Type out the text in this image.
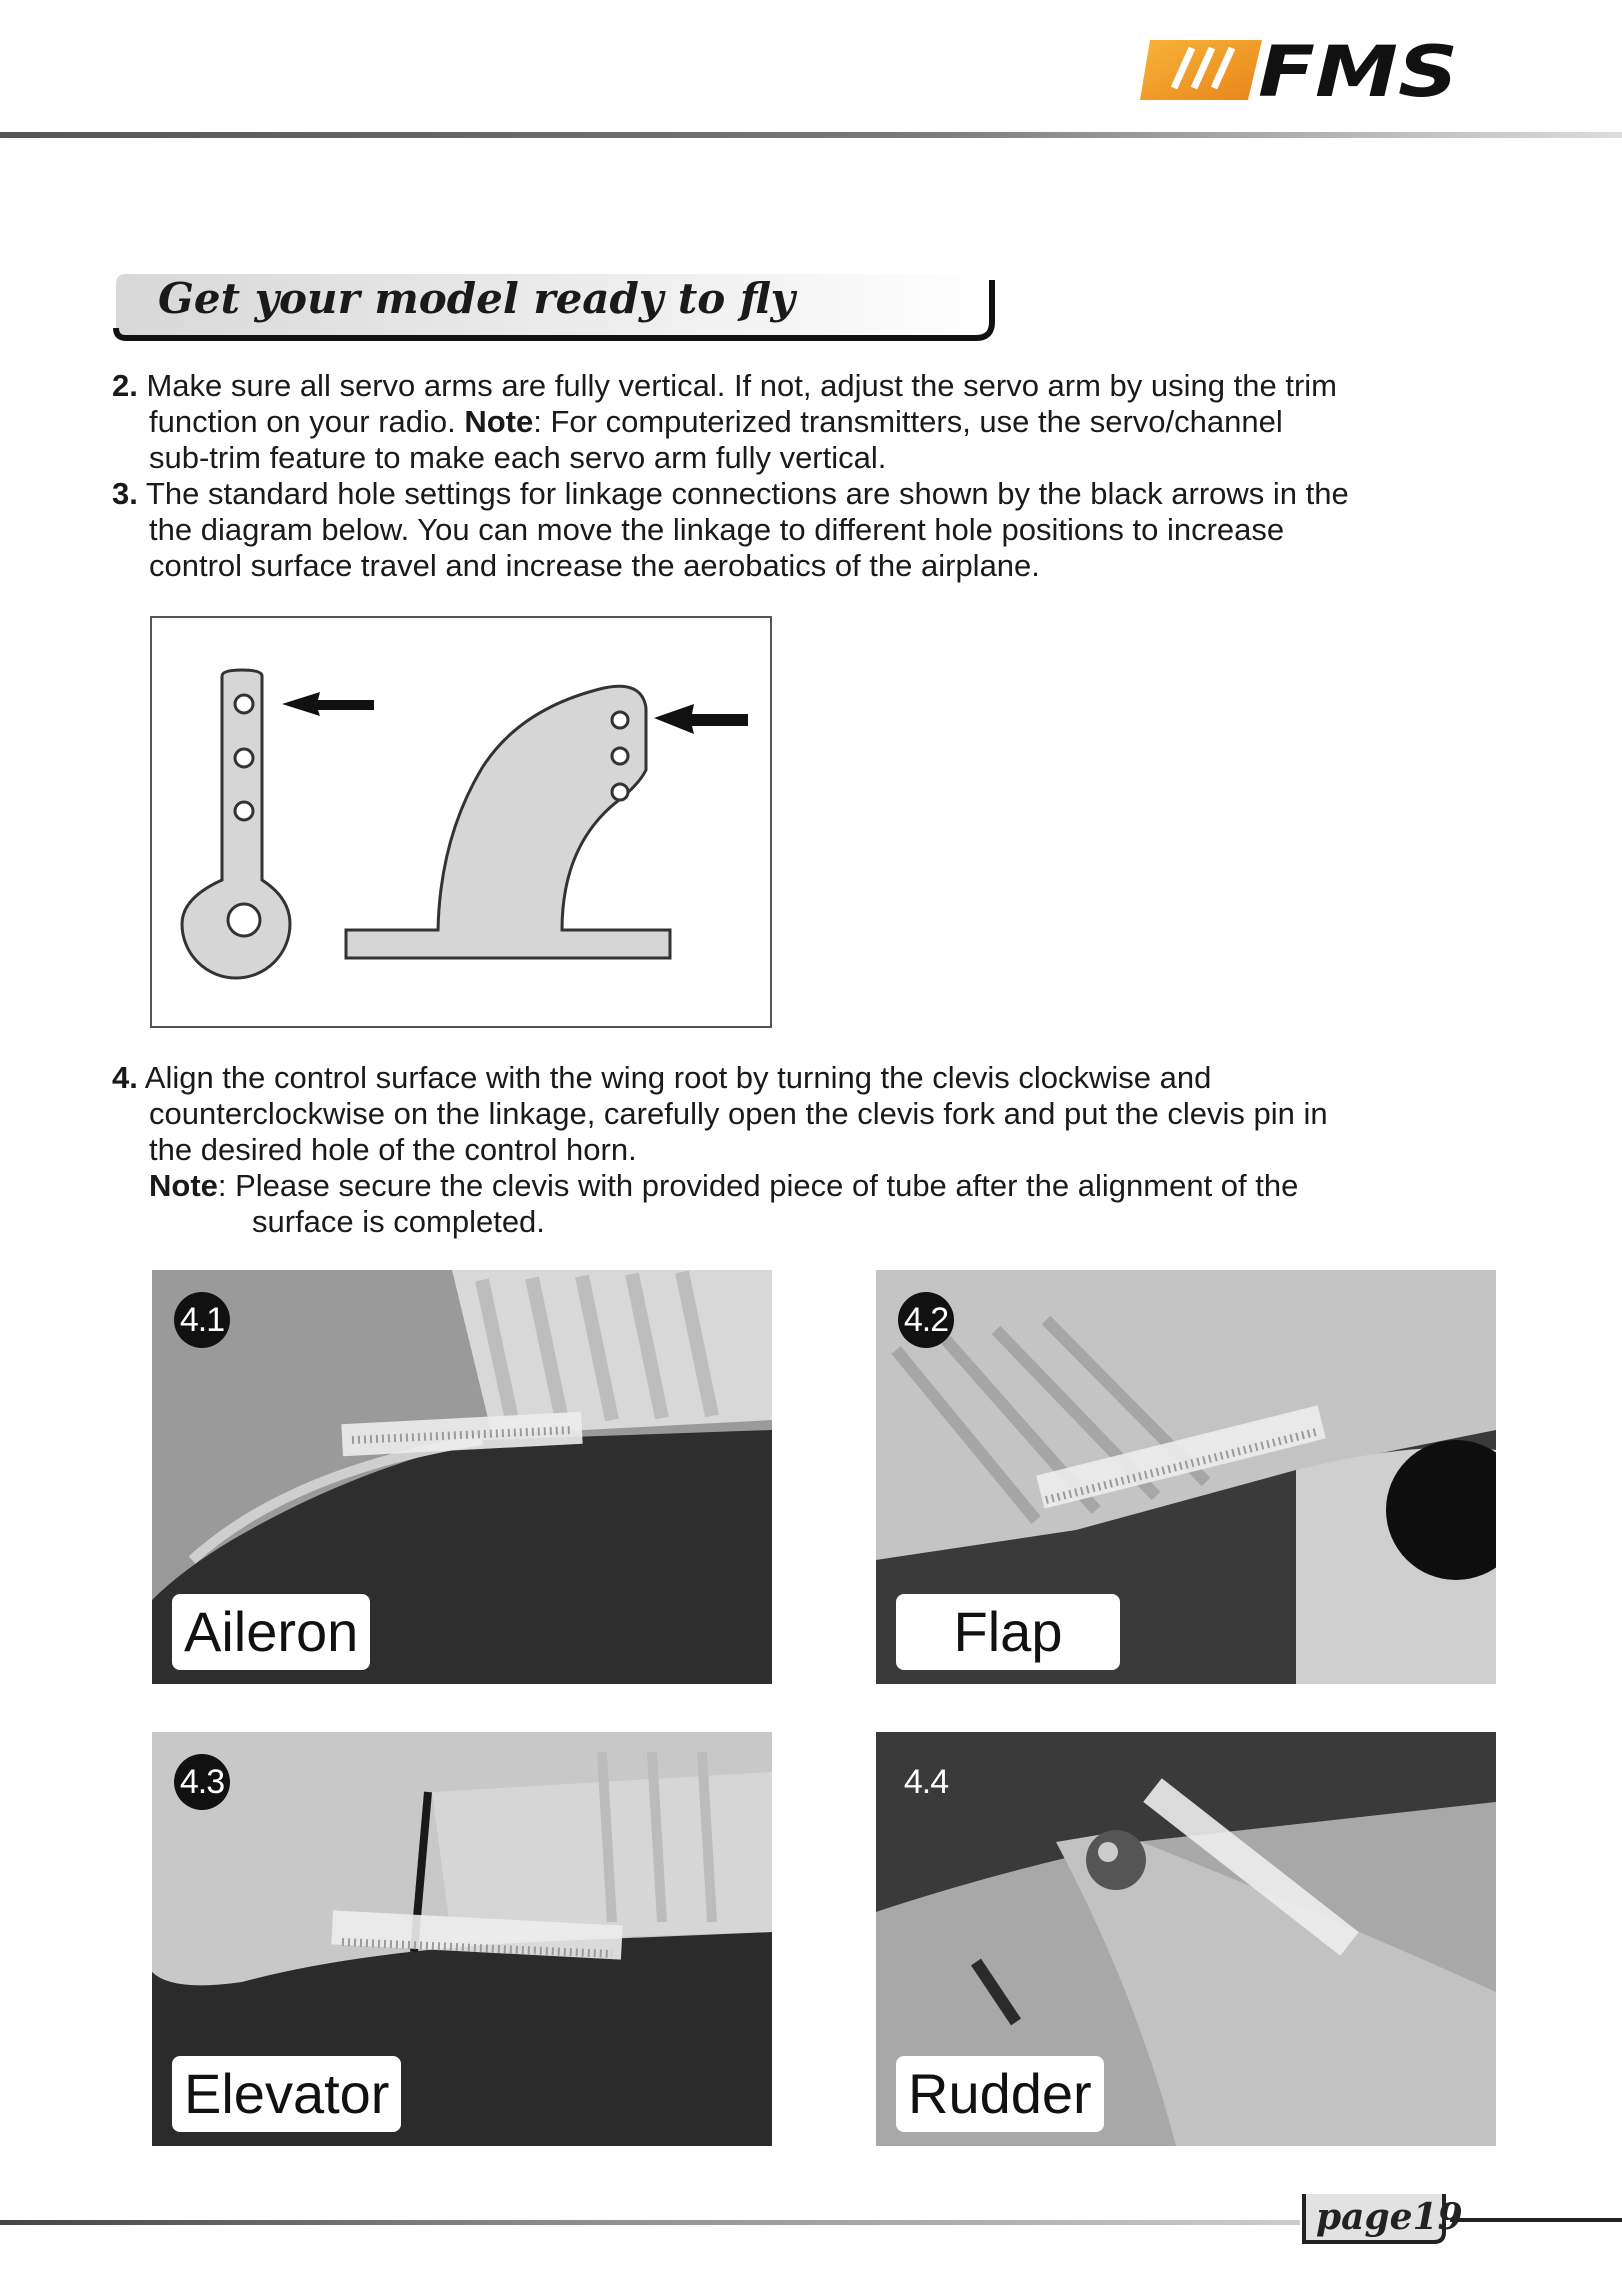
FMS
Get your model ready to fly
2. Make sure all servo arms are fully vertical. If not, adjust the servo arm by using the trim
function on your radio. Note: For computerized transmitters, use the servo/channel
sub-trim feature to make each servo arm fully vertical.
3. The standard hole settings for linkage connections are shown by the black arrows in the
the diagram below. You can move the linkage to different hole positions to increase
control surface travel and increase the aerobatics of the airplane.
4. Align the control surface with the wing root by turning the clevis clockwise and
counterclockwise on the linkage, carefully open the clevis fork and put the clevis pin in
the desired hole of the control horn.
Note: Please secure the clevis with provided piece of tube after the alignment of the
surface is completed.
4.1
Aileron
4.2
Flap
4.3
Elevator
4.4
Rudder
page19
